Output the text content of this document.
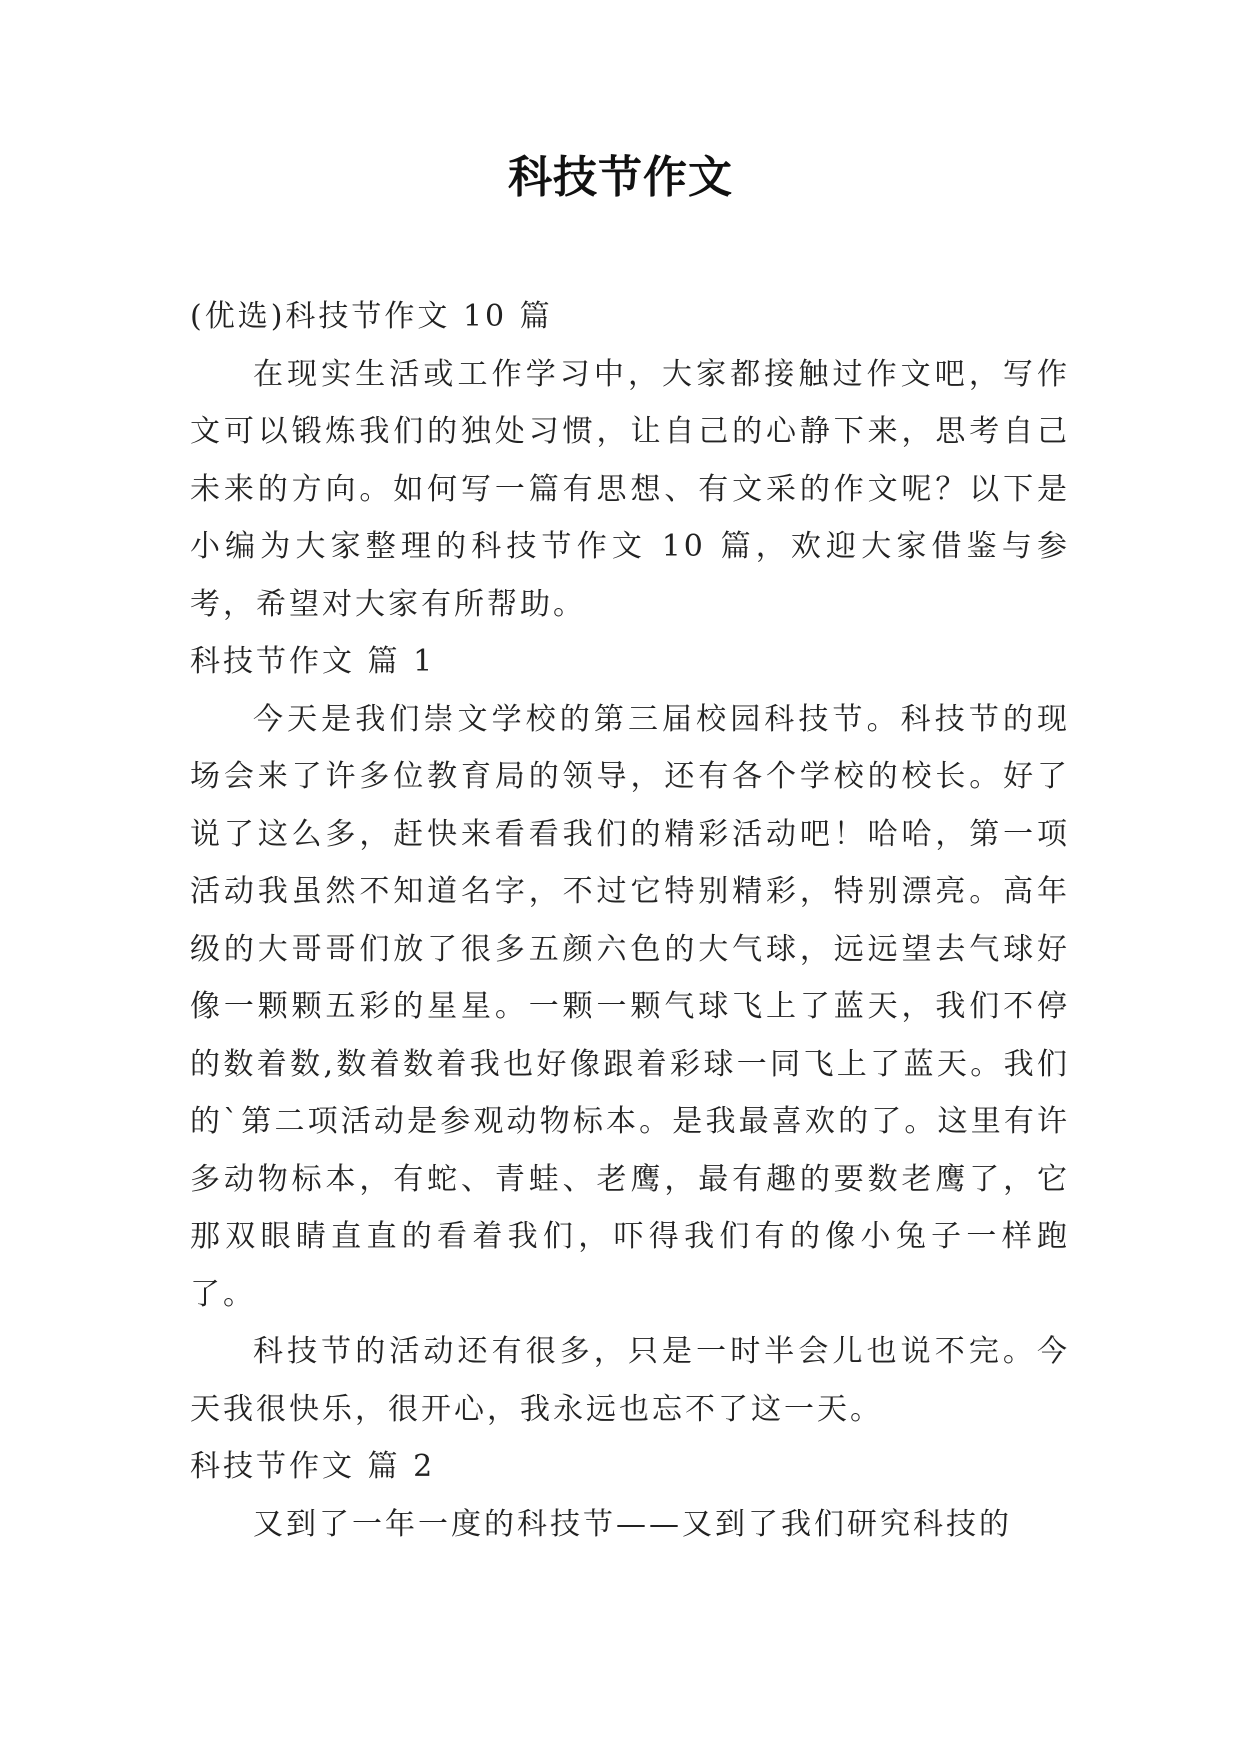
科技节作文

(优选)科技节作文 10 篇

在现实生活或工作学习中，大家都接触过作文吧，写作文可以锻炼我们的独处习惯，让自己的心静下来，思考自己未来的方向。如何写一篇有思想、有文采的作文呢？以下是小编为大家整理的科技节作文 10 篇，欢迎大家借鉴与参考，希望对大家有所帮助。

科技节作文 篇 1

今天是我们崇文学校的第三届校园科技节。科技节的现场会来了许多位教育局的领导，还有各个学校的校长。好了说了这么多，赶快来看看我们的精彩活动吧！哈哈，第一项活动我虽然不知道名字，不过它特别精彩，特别漂亮。高年级的大哥哥们放了很多五颜六色的大气球，远远望去气球好像一颗颗五彩的星星。一颗一颗气球飞上了蓝天，我们不停的数着数,数着数着我也好像跟着彩球一同飞上了蓝天。我们的`第二项活动是参观动物标本。是我最喜欢的了。这里有许多动物标本，有蛇、青蛙、老鹰，最有趣的要数老鹰了，它那双眼睛直直的看着我们，吓得我们有的像小兔子一样跑了。

科技节的活动还有很多，只是一时半会儿也说不完。今天我很快乐，很开心，我永远也忘不了这一天。

科技节作文 篇 2

又到了一年一度的科技节——又到了我们研究科技的
